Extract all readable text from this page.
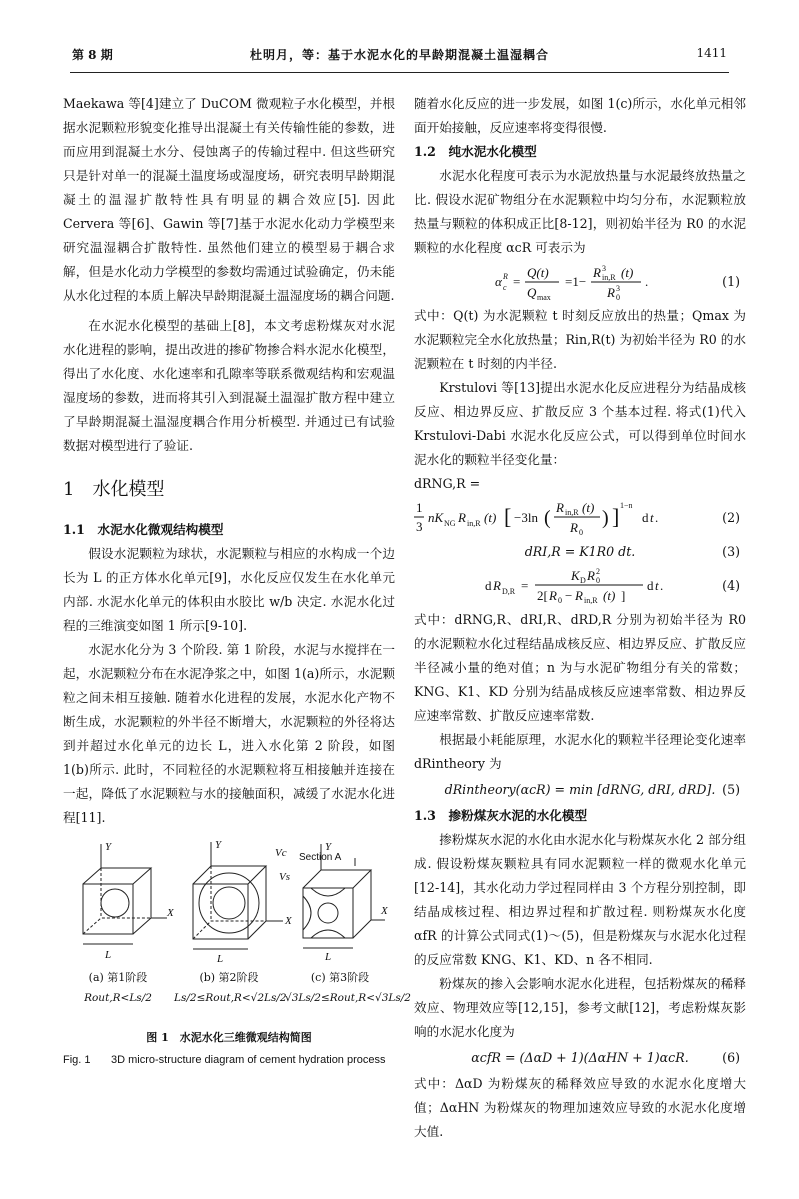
第 8 期	杜明月，等：基于水泥水化的早龄期混凝土温湿耦合	1411

Maekawa 等[4]建立了 DuCOM 微观粒子水化模型，并根据水泥颗粒形貌变化推导出混凝土有关传输性能的参数，进而应用到混凝土水分、侵蚀离子的传输过程中. 但这些研究只是针对单一的混凝土温度场或湿度场，研究表明早龄期混凝土的温湿扩散特性具有明显的耦合效应[5]. 因此 Cervera 等[6]、Gawin 等[7]基于水泥水化动力学模型来研究温湿耦合扩散特性. 虽然他们建立的模型易于耦合求解，但是水化动力学模型的参数均需通过试验确定，仍未能从水化过程的本质上解决早龄期混凝土温湿度场的耦合问题.

在水泥水化模型的基础上[8]，本文考虑粉煤灰对水泥水化进程的影响，提出改进的掺矿物掺合料水泥水化模型，得出了水化度、水化速率和孔隙率等联系微观结构和宏观温湿度场的参数，进而将其引入到混凝土温湿扩散方程中建立了早龄期混凝土温湿度耦合作用分析模型. 并通过已有试验数据对模型进行了验证.

1　水化模型
1.1　水泥水化微观结构模型

假设水泥颗粒为球状，水泥颗粒与相应的水构成一个边长为 L 的正方体水化单元[9]，水化反应仅发生在水化单元内部. 水泥水化单元的体积由水胶比 w/b 决定. 水泥水化过程的三维演变如图 1 所示[9-10].

水泥水化分为 3 个阶段. 第 1 阶段，水泥与水搅拌在一起，水泥颗粒分布在水泥净浆之中，如图 1(a)所示，水泥颗粒之间未相互接触. 随着水化进程的发展，水泥水化产物不断生成，水泥颗粒的外半径不断增大，水泥颗粒的外径将达到并超过水化单元的边长 L，进入水化第 2 阶段，如图 1(b)所示. 此时，不同粒径的水泥颗粒将互相接触并连接在一起，降低了水泥颗粒与水的接触面积，减缓了水泥水化进程[11].

Y
X
L
Y
X
L
Vc
Vs
Y
X
L
Section A
(a) 第1阶段	(b) 第2阶段	(c) 第3阶段
Rout,R<Ls/2	Ls/2≤Rout,R<√2Ls/2
√3Ls/2≤Rout,R<√3Ls/2
图 1　水泥水化三维微观结构简图
Fig. 1	3D micro-structure diagram of cement hydration process

随着水化反应的进一步发展，如图 1(c)所示，水化单元相邻面开始接触，反应速率将变得很慢.

1.2　纯水泥水化模型

水泥水化程度可表示为水泥放热量与水泥最终放热量之比. 假设水泥矿物组分在水泥颗粒中均匀分布，水泥颗粒放热量与颗粒的体积成正比[8-12]，则初始半径为 R0 的水泥颗粒的水化程度 αcR 可表示为

α c
R =
Q(t)
Q max
=1−
R 3
in,R (t)
R 3
0
.	(1)

式中：Q(t) 为水泥颗粒 t 时刻反应放出的热量；Qmax 为水泥颗粒完全水化放热量；Rin,R(t) 为初始半径为 R0 的水泥颗粒在 t 时刻的内半径.

Krstulovi 等[13]提出水泥水化反应进程分为结晶成核反应、相边界反应、扩散反应 3 个基本过程. 将式(1)代入 Krstulovi-Dabi 水泥水化反应公式，可以得到单位时间水泥水化的颗粒半径变化量：

dRNG,R =

1
3
nK NG R in,R (t) [ −3ln ( R in,R (t)
R 0
) ] 1−n
d t .	(2)
dRI,R = K1R0 dt.	(3)
d R D,R =
K D R 2
0
2[ R 0 − R in,R (t) ]
d t .	(4)

式中：dRNG,R、dRI,R、dRD,R 分别为初始半径为 R0 的水泥颗粒水化过程结晶成核反应、相边界反应、扩散反应半径减小量的绝对值；n 为与水泥矿物组分有关的常数；KNG、K1、KD 分别为结晶成核反应速率常数、相边界反应速率常数、扩散反应速率常数.

根据最小耗能原理，水泥水化的颗粒半径理论变化速率 dRintheory 为

dRintheory(αcR) = min [dRNG, dRI, dRD]. (5)
1.3　掺粉煤灰水泥的水化模型

掺粉煤灰水泥的水化由水泥水化与粉煤灰水化 2 部分组成. 假设粉煤灰颗粒具有同水泥颗粒一样的微观水化单元[12-14]，其水化动力学过程同样由 3 个方程分别控制，即结晶成核过程、相边界过程和扩散过程. 则粉煤灰水化度 αfR 的计算公式同式(1)～(5)，但是粉煤灰与水泥水化过程的反应常数 KNG、K1、KD、n 各不相同.

粉煤灰的掺入会影响水泥水化进程，包括粉煤灰的稀释效应、物理效应等[12,15]，参考文献[12]，考虑粉煤灰影响的水泥水化度为

αcfR = (ΔαD + 1)(ΔαHN + 1)αcR.	(6)

式中：ΔαD 为粉煤灰的稀释效应导致的水泥水化度增大值；ΔαHN 为粉煤灰的物理加速效应导致的水泥水化度增大值.
